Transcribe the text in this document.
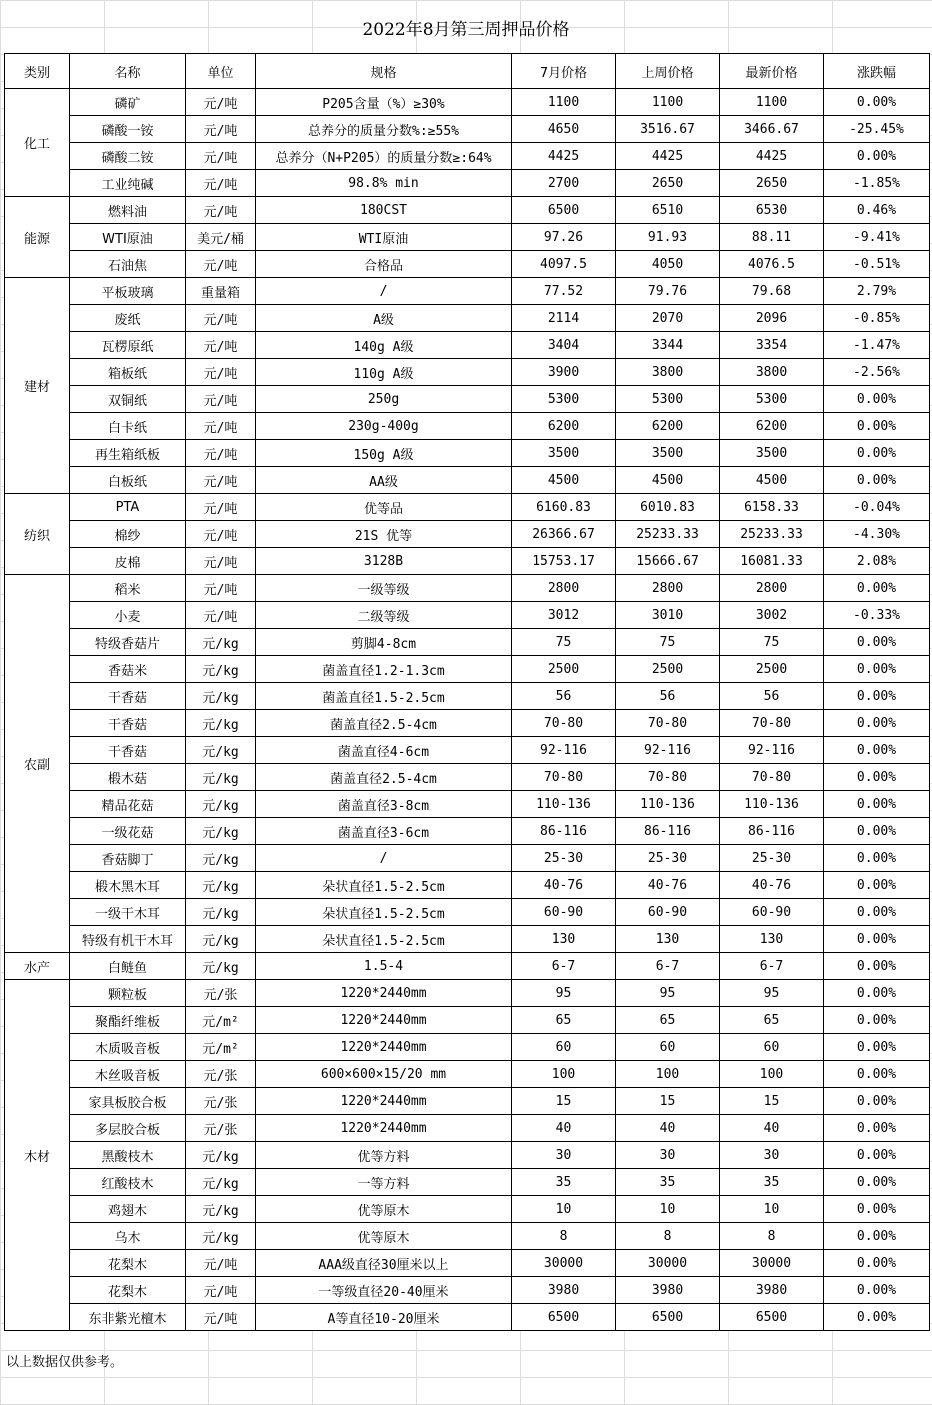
2022年8月第三周押品价格
类别	名称	单位	规格	7月价格	上周价格	最新价格	涨跌幅
化工	磷矿	元/吨	P205含量（%）≥30%	1100	1100	1100	0.00%
	磷酸一铵	元/吨	总养分的质量分数%:≥55%	4650	3516.67	3466.67	-25.45%
	磷酸二铵	元/吨	总养分（N+P205）的质量分数≥:64%	4425	4425	4425	0.00%
	工业纯碱	元/吨	98.8% min	2700	2650	2650	-1.85%
能源	燃料油	元/吨	180CST	6500	6510	6530	0.46%
	WTI原油	美元/桶	WTI原油	97.26	91.93	88.11	-9.41%
	石油焦	元/吨	合格品	4097.5	4050	4076.5	-0.51%
建材	平板玻璃	重量箱	/	77.52	79.76	79.68	2.79%
	废纸	元/吨	A级	2114	2070	2096	-0.85%
	瓦楞原纸	元/吨	140g A级	3404	3344	3354	-1.47%
	箱板纸	元/吨	110g A级	3900	3800	3800	-2.56%
	双铜纸	元/吨	250g	5300	5300	5300	0.00%
	白卡纸	元/吨	230g-400g	6200	6200	6200	0.00%
	再生箱纸板	元/吨	150g A级	3500	3500	3500	0.00%
	白板纸	元/吨	AA级	4500	4500	4500	0.00%
纺织	PTA	元/吨	优等品	6160.83	6010.83	6158.33	-0.04%
	棉纱	元/吨	21S 优等	26366.67	25233.33	25233.33	-4.30%
	皮棉	元/吨	3128B	15753.17	15666.67	16081.33	2.08%
农副	稻米	元/吨	一级等级	2800	2800	2800	0.00%
	小麦	元/吨	二级等级	3012	3010	3002	-0.33%
	特级香菇片	元/kg	剪脚4-8cm	75	75	75	0.00%
	香菇米	元/kg	菌盖直径1.2-1.3cm	2500	2500	2500	0.00%
	干香菇	元/kg	菌盖直径1.5-2.5cm	56	56	56	0.00%
	干香菇	元/kg	菌盖直径2.5-4cm	70-80	70-80	70-80	0.00%
	干香菇	元/kg	菌盖直径4-6cm	92-116	92-116	92-116	0.00%
	椴木菇	元/kg	菌盖直径2.5-4cm	70-80	70-80	70-80	0.00%
	精品花菇	元/kg	菌盖直径3-8cm	110-136	110-136	110-136	0.00%
	一级花菇	元/kg	菌盖直径3-6cm	86-116	86-116	86-116	0.00%
	香菇脚丁	元/kg	/	25-30	25-30	25-30	0.00%
	椴木黑木耳	元/kg	朵状直径1.5-2.5cm	40-76	40-76	40-76	0.00%
	一级干木耳	元/kg	朵状直径1.5-2.5cm	60-90	60-90	60-90	0.00%
	特级有机干木耳	元/kg	朵状直径1.5-2.5cm	130	130	130	0.00%
水产	白鲢鱼	元/kg	1.5-4	6-7	6-7	6-7	0.00%
木材	颗粒板	元/张	1220*2440mm	95	95	95	0.00%
	聚酯纤维板	元/m²	1220*2440mm	65	65	65	0.00%
	木质吸音板	元/m²	1220*2440mm	60	60	60	0.00%
	木丝吸音板	元/张	600×600×15/20 mm	100	100	100	0.00%
	家具板胶合板	元/张	1220*2440mm	15	15	15	0.00%
	多层胶合板	元/张	1220*2440mm	40	40	40	0.00%
	黑酸枝木	元/kg	优等方料	30	30	30	0.00%
	红酸枝木	元/kg	一等方料	35	35	35	0.00%
	鸡翅木	元/kg	优等原木	10	10	10	0.00%
	乌木	元/kg	优等原木	8	8	8	0.00%
	花梨木	元/吨	AAA级直径30厘米以上	30000	30000	30000	0.00%
	花梨木	元/吨	一等级直径20-40厘米	3980	3980	3980	0.00%
	东非紫光檀木	元/吨	A等直径10-20厘米	6500	6500	6500	0.00%
以上数据仅供参考。
